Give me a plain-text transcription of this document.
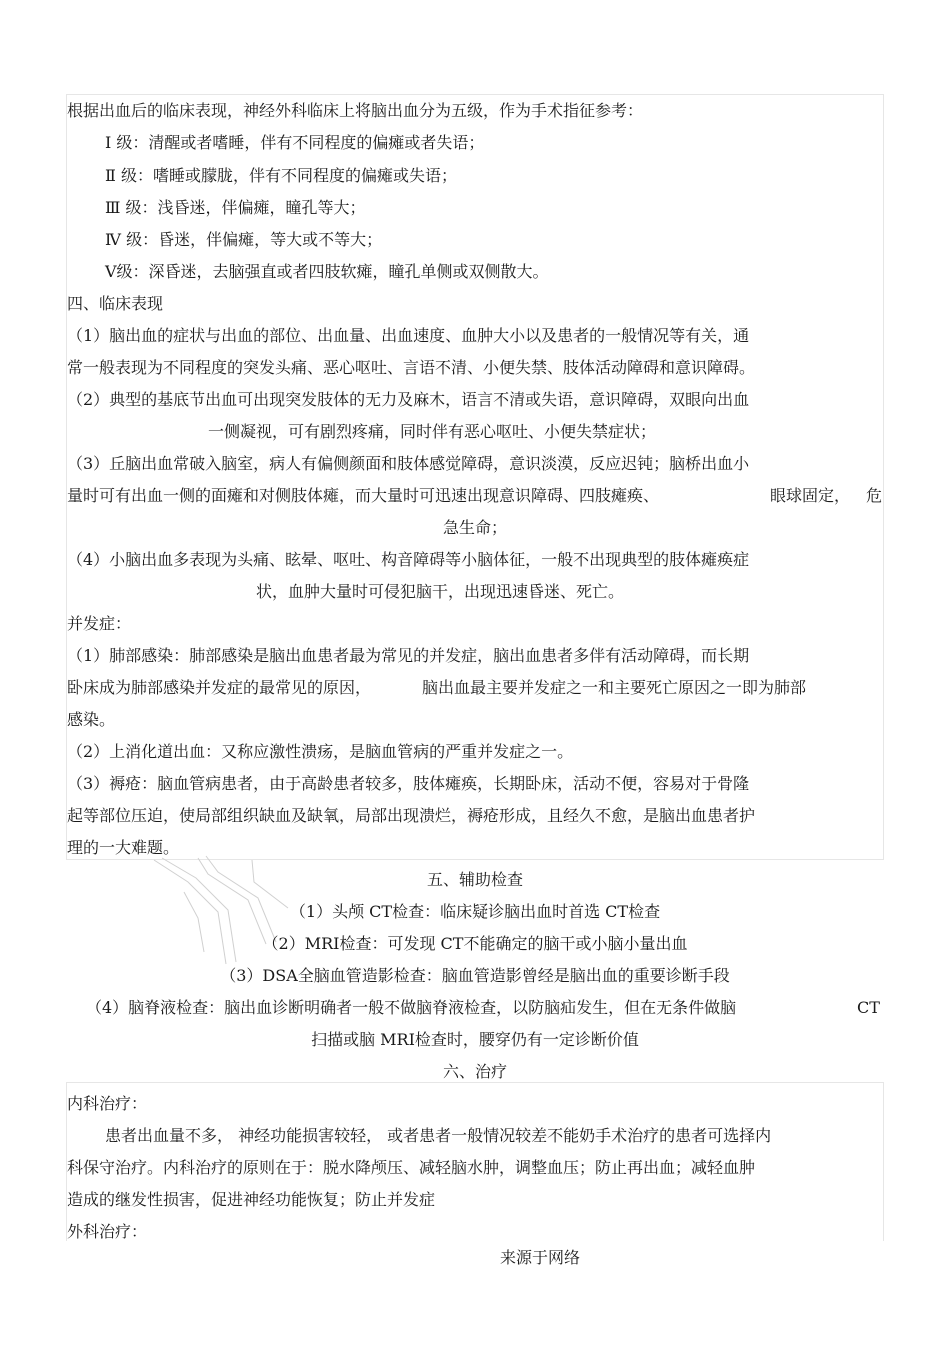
根据出血后的临床表现，神经外科临床上将脑出血分为五级，作为手术指征参考：
Ⅰ 级：清醒或者嗜睡，伴有不同程度的偏瘫或者失语；
Ⅱ 级：嗜睡或朦胧，伴有不同程度的偏瘫或失语；
Ⅲ 级：浅昏迷，伴偏瘫，瞳孔等大；
Ⅳ 级：昏迷，伴偏瘫，等大或不等大；
Ⅴ级：深昏迷，去脑强直或者四肢软瘫，瞳孔单侧或双侧散大。
四、临床表现
（1）脑出血的症状与出血的部位、出血量、出血速度、血肿大小以及患者的一般情况等有关，通
常一般表现为不同程度的突发头痛、恶心呕吐、言语不清、小便失禁、肢体活动障碍和意识障碍。
（2）典型的基底节出血可出现突发肢体的无力及麻木，语言不清或失语，意识障碍，双眼向出血
一侧凝视，可有剧烈疼痛，同时伴有恶心呕吐、小便失禁症状；
（3）丘脑出血常破入脑室，病人有偏侧颜面和肢体感觉障碍，意识淡漠，反应迟钝；脑桥出血小
量时可有出血一侧的面瘫和对侧肢体瘫，而大量时可迅速出现意识障碍、四肢瘫痪、	眼球固定， 危
急生命；
（4）小脑出血多表现为头痛、眩晕、呕吐、构音障碍等小脑体征，一般不出现典型的肢体瘫痪症
状，血肿大量时可侵犯脑干，出现迅速昏迷、死亡。
并发症：
（1）肺部感染：肺部感染是脑出血患者最为常见的并发症，脑出血患者多伴有活动障碍，而长期
卧床成为肺部感染并发症的最常见的原因，	脑出血最主要并发症之一和主要死亡原因之一即为肺部
感染。
（2）上消化道出血：又称应激性溃疡，是脑血管病的严重并发症之一。
（3）褥疮：脑血管病患者，由于高龄患者较多，肢体瘫痪，长期卧床，活动不便，容易对于骨隆
起等部位压迫，使局部组织缺血及缺氧，局部出现溃烂，褥疮形成，且经久不愈，是脑出血患者护
理的一大难题。
五、辅助检查
（1）头颅 CT检查：临床疑诊脑出血时首选 CT检查
（2）MRI检查：可发现 CT不能确定的脑干或小脑小量出血
（3）DSA全脑血管造影检查：脑血管造影曾经是脑出血的重要诊断手段
（4）脑脊液检查：脑出血诊断明确者一般不做脑脊液检查，以防脑疝发生，但在无条件做脑	CT
扫描或脑 MRI检查时，腰穿仍有一定诊断价值
六、治疗
内科治疗：
患者出血量不多， 神经功能损害较轻， 或者患者一般情况较差不能奶手术治疗的患者可选择内
科保守治疗。内科治疗的原则在于：脱水降颅压、减轻脑水肿，调整血压；防止再出血；减轻血肿
造成的继发性损害，促进神经功能恢复；防止并发症
外科治疗：
来源于网络
